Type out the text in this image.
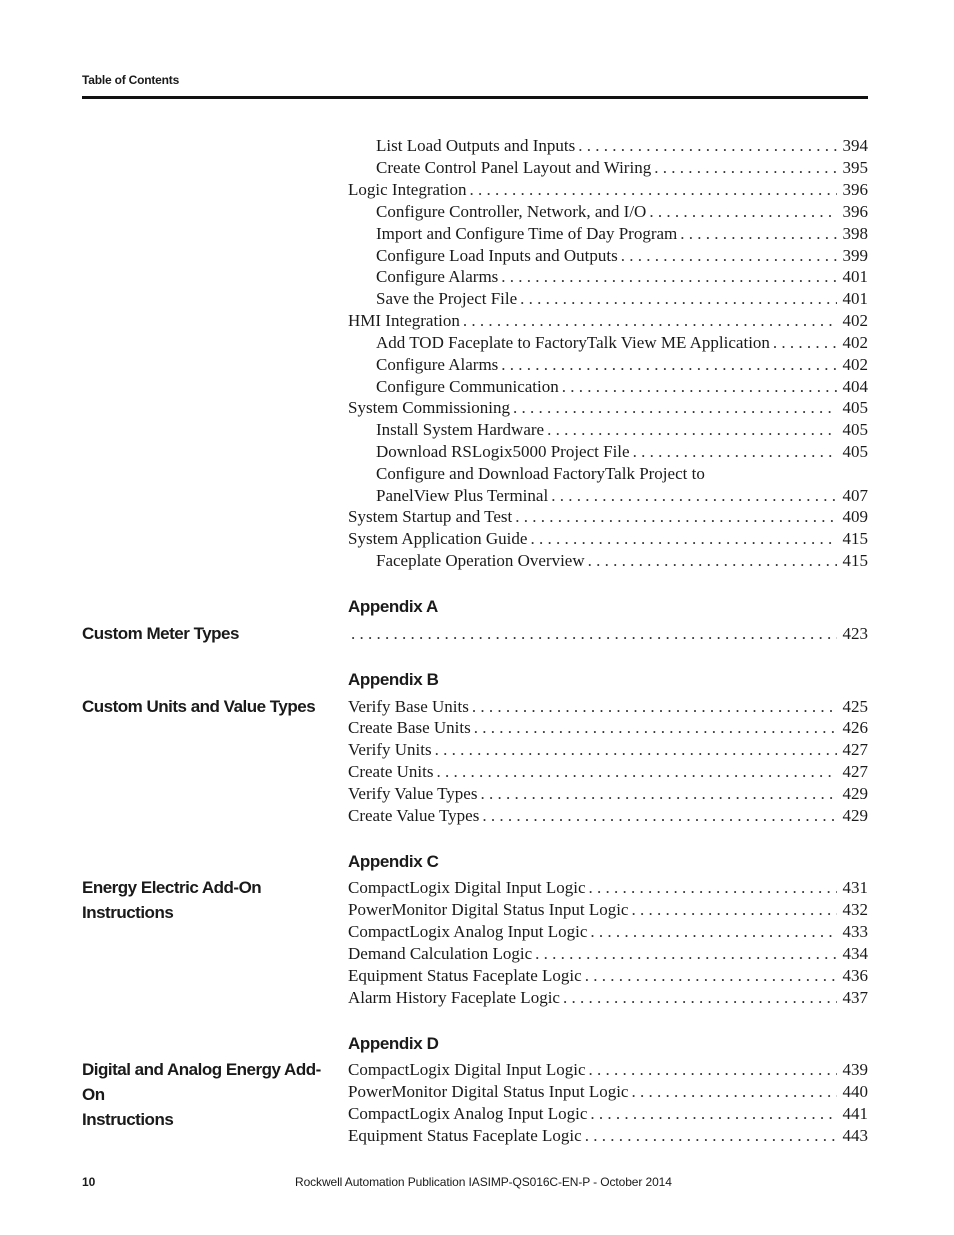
Table of Contents
List Load Outputs and Inputs . . .	394
Create Control Panel Layout and Wiring . . .	395
Logic Integration . . .	396
Configure Controller, Network, and I/O . . .	396
Import and Configure Time of Day Program . . .	398
Configure Load Inputs and Outputs . . .	399
Configure Alarms . . .	401
Save the Project File . . .	401
HMI Integration . . .	402
Add TOD Faceplate to FactoryTalk View ME Application . . .	402
Configure Alarms . . .	402
Configure Communication . . .	404
System Commissioning . . .	405
Install System Hardware . . .	405
Download RSLogix5000 Project File . . .	405
Configure and Download FactoryTalk Project to
PanelView Plus Terminal . . .	407
System Startup and Test . . .	409
System Application Guide . . .	415
Faceplate Operation Overview . . .	415
Appendix A
Custom Meter Types . . .	423
Appendix B
Custom Units and Value Types	Verify Base Units . . .	425
Create Base Units . . .	426
Verify Units . . .	427
Create Units . . .	427
Verify Value Types . . .	429
Create Value Types . . .	429
Appendix C
Energy Electric Add-On
Instructions
CompactLogix Digital Input Logic . . .	431
PowerMonitor Digital Status Input Logic . . .	432
CompactLogix Analog Input Logic . . .	433
Demand Calculation Logic . . .	434
Equipment Status Faceplate Logic . . .	436
Alarm History Faceplate Logic . . .	437
Appendix D
Digital and Analog Energy Add-On
Instructions
CompactLogix Digital Input Logic . . .	439
PowerMonitor Digital Status Input Logic . . .	440
CompactLogix Analog Input Logic . . .	441
Equipment Status Faceplate Logic . . .	443
10	Rockwell Automation Publication IASIMP-QS016C-EN-P - October 2014
